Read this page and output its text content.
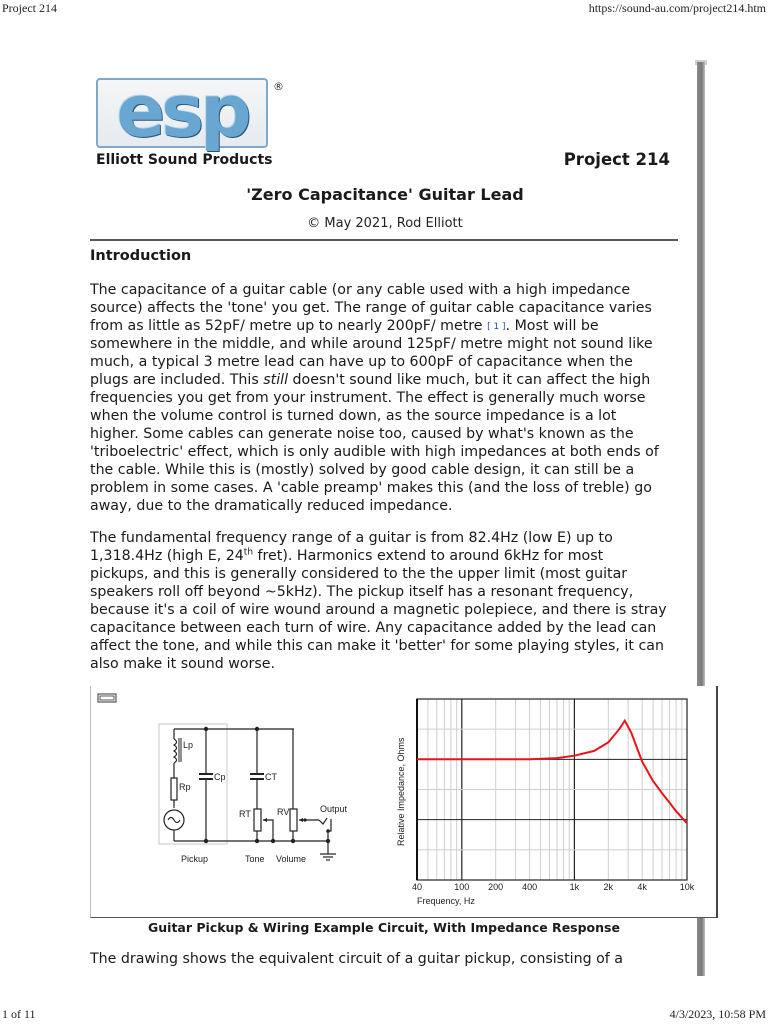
Project 214	https://sound-au.com/project214.htm
esp	®
Elliott Sound Products	Project 214
'Zero Capacitance' Guitar Lead
© May 2021, Rod Elliott
Introduction
The capacitance of a guitar cable (or any cable used with a high impedance
source) affects the 'tone' you get. The range of guitar cable capacitance varies
from as little as 52pF/ metre up to nearly 200pF/ metre [ 1 ]. Most will be
somewhere in the middle, and while around 125pF/ metre might not sound like
much, a typical 3 metre lead can have up to 600pF of capacitance when the
plugs are included. This still doesn't sound like much, but it can affect the high
frequencies you get from your instrument. The effect is generally much worse
when the volume control is turned down, as the source impedance is a lot
higher. Some cables can generate noise too, caused by what's known as the
'triboelectric' effect, which is only audible with high impedances at both ends of
the cable. While this is (mostly) solved by good cable design, it can still be a
problem in some cases. A 'cable preamp' makes this (and the loss of treble) go
away, due to the dramatically reduced impedance.
The fundamental frequency range of a guitar is from 82.4Hz (low E) up to
1,318.4Hz (high E, 24th fret). Harmonics extend to around 6kHz for most
pickups, and this is generally considered to the the upper limit (most guitar
speakers roll off beyond ~5kHz). The pickup itself has a resonant frequency,
because it's a coil of wire wound around a magnetic polepiece, and there is stray
capacitance between each turn of wire. Any capacitance added by the lead can
affect the tone, and while this can make it 'better' for some playing styles, it can
also make it sound worse.
Lp
Rp
Cp	CT
RT	RV	Output
Pickup	Tone Volume
40	100 200 400	1k	2k	4k	10k
Frequency, Hz
Relative Impedance, Ohms
Guitar Pickup & Wiring Example Circuit, With Impedance Response
The drawing shows the equivalent circuit of a guitar pickup, consisting of a
1 of 11	4/3/2023, 10:58 PM
